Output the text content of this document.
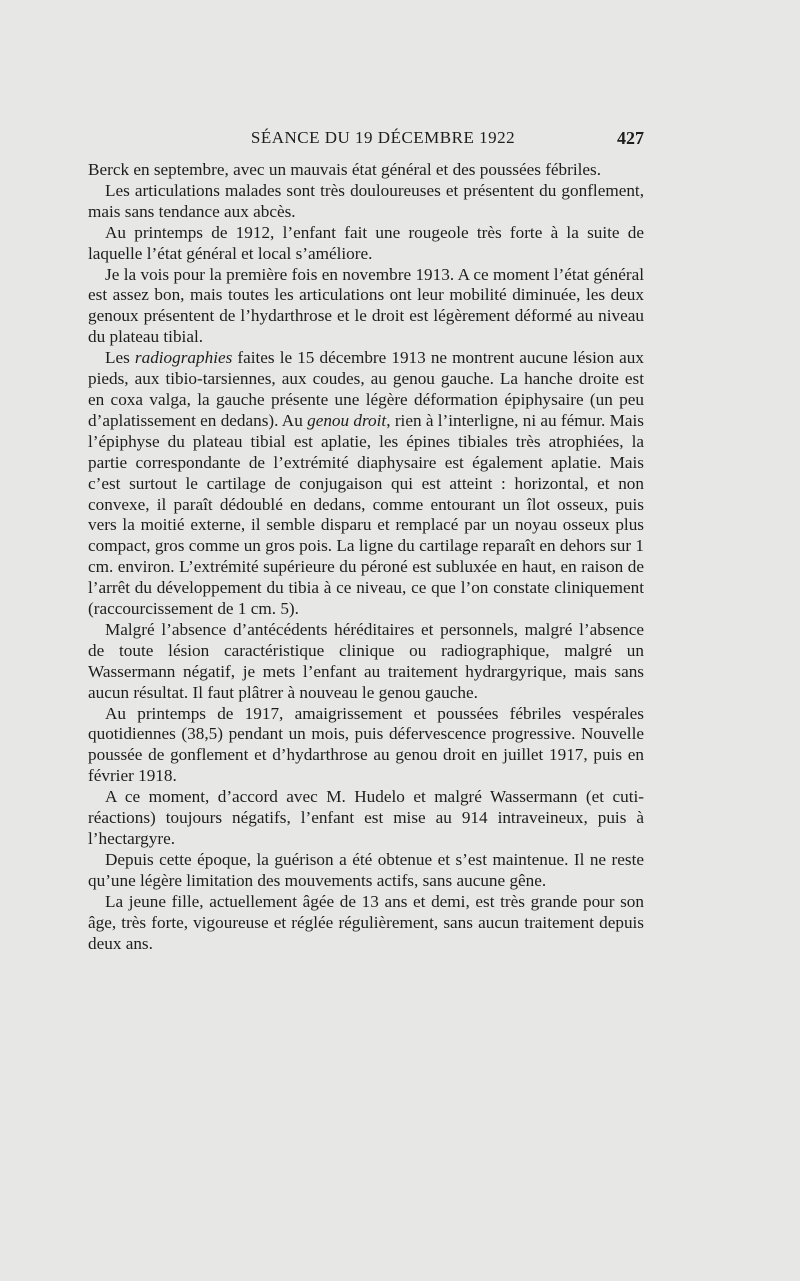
SÉANCE DU 19 DÉCEMBRE 1922	427

Berck en septembre, avec un mauvais état général et des poussées fébriles.

Les articulations malades sont très douloureuses et présentent du gonflement, mais sans tendance aux abcès.

Au printemps de 1912, l’enfant fait une rougeole très forte à la suite de laquelle l’état général et local s’améliore.

Je la vois pour la première fois en novembre 1913. A ce moment l’état général est assez bon, mais toutes les articulations ont leur mobilité diminuée, les deux genoux présentent de l’hydarthrose et le droit est légèrement déformé au niveau du plateau tibial.

Les radiographies faites le 15 décembre 1913 ne montrent aucune lésion aux pieds, aux tibio-tarsiennes, aux coudes, au genou gauche. La hanche droite est en coxa valga, la gauche présente une légère déformation épiphysaire (un peu d’aplatissement en dedans). Au genou droit, rien à l’interligne, ni au fémur. Mais l’épiphyse du plateau tibial est aplatie, les épines tibiales très atrophiées, la partie correspondante de l’extrémité diaphysaire est également aplatie. Mais c’est surtout le cartilage de conjugaison qui est atteint : horizontal, et non convexe, il paraît dédoublé en dedans, comme entourant un îlot osseux, puis vers la moitié externe, il semble disparu et remplacé par un noyau osseux plus compact, gros comme un gros pois. La ligne du cartilage reparaît en dehors sur 1 cm. environ. L’extrémité supérieure du péroné est subluxée en haut, en raison de l’arrêt du développement du tibia à ce niveau, ce que l’on constate cliniquement (raccourcissement de 1 cm. 5).

Malgré l’absence d’antécédents héréditaires et personnels, malgré l’absence de toute lésion caractéristique clinique ou radiographique, malgré un Wassermann négatif, je mets l’enfant au traitement hydrargyrique, mais sans aucun résultat. Il faut plâtrer à nouveau le genou gauche.

Au printemps de 1917, amaigrissement et poussées fébriles vespérales quotidiennes (38,5) pendant un mois, puis défervescence progressive. Nouvelle poussée de gonflement et d’hydarthrose au genou droit en juillet 1917, puis en février 1918.

A ce moment, d’accord avec M. Hudelo et malgré Wassermann (et cuti-réactions) toujours négatifs, l’enfant est mise au 914 intraveineux, puis à l’hectargyre.

Depuis cette époque, la guérison a été obtenue et s’est maintenue. Il ne reste qu’une légère limitation des mouvements actifs, sans aucune gêne.

La jeune fille, actuellement âgée de 13 ans et demi, est très grande pour son âge, très forte, vigoureuse et réglée régulièrement, sans aucun traitement depuis deux ans.
